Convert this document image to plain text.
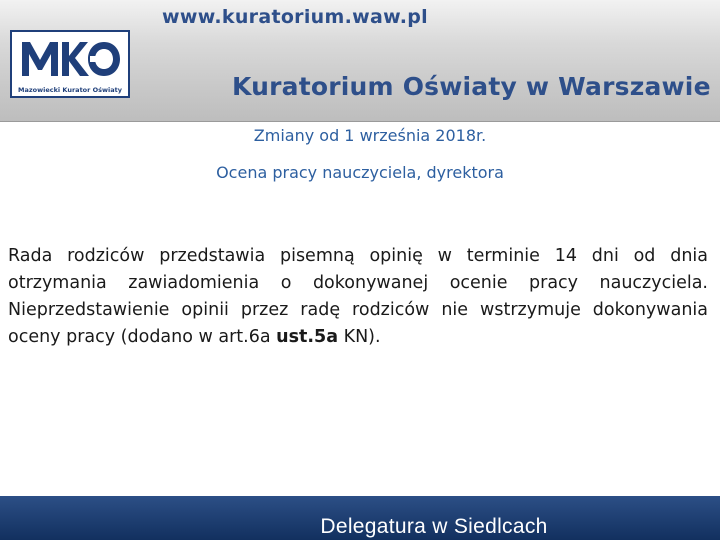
www.kuratorium.waw.pl
Mazowiecki Kurator Oświaty	Kuratorium Oświaty w Warszawie
Zmiany od 1 września 2018r.
Ocena pracy nauczyciela, dyrektora

Rada rodziców przedstawia pisemną opinię w terminie 14 dni od dnia otrzymania zawiadomienia o dokonywanej ocenie pracy nauczyciela. Nieprzedstawienie opinii przez radę rodziców nie wstrzymuje dokonywania oceny pracy (dodano w art.6a ust.5a KN).

Delegatura w Siedlcach
